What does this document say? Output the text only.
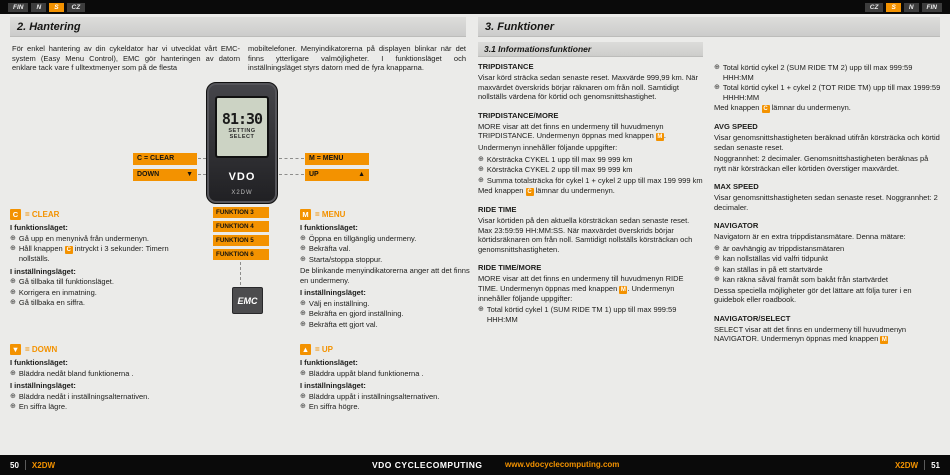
FIN	N	S	CZ	CZ	S	N	FIN
2. Hantering	3. Funktioner
3.1 Informationsfunktioner
För enkel hantering av din cykeldator har vi utvecklat vårt EMC-system (Easy Menu Control), EMC gör hanteringen av datorn enklare tack vare f ulltextmenyer som på de flesta
mobiltelefoner. Menyindikatorerna på displayen blinkar när det finns ytterligare valmöjligheter. I funktionsläget och inställningsläget styrs datorn med de fyra knapparna.
81:30
SETTING
SELECT
VDO
X2DW
C = CLEAR
DOWN	▼
M = MENU
UP	▲
FUNKTION 3
FUNKTION 4
FUNKTION 5
FUNKTION 6
EMC
C = CLEAR
I funktionsläget:
⊕ Gå upp en menynivå från undermenyn.
⊕ Håll knappen C intryckt i 3 sekunder: Timern nollställs.
I inställningsläget:
⊕ Gå tillbaka till funktionsläget.
⊕ Korrigera en inmatning.
⊕ Gå tillbaka en siffra.
▼ = DOWN
I funktionsläget:
⊕ Bläddra nedåt bland funktionerna .
I inställningsläget:
⊕ Bläddra nedåt i inställningsalternativen.
⊕ En siffra lägre.
M = MENU
I funktionsläget:
⊕ Öppna en tillgänglig undermeny.
⊕ Bekräfta val.
⊕ Starta/stoppa stoppur.
De blinkande menyindikatorerna anger att det finns en undermeny.
I inställningsläget:
⊕ Välj en inställning.
⊕ Bekräfta en gjord inställning.
⊕ Bekräfta ett gjort val.
▲ = UP
I funktionsläget:
⊕ Bläddra uppåt bland funktionerna .
I inställningsläget:
⊕ Bläddra uppåt i inställningsalternativen.
⊕ En siffra högre.
TRIPDISTANCE
Visar körd sträcka sedan senaste reset. Maxvärde 999,99 km. När maxvärdet överskrids börjar räknaren om från noll. Samtidigt nollställs värdena för körtid och genomsnittshastighet.
TRIPDISTANCE/MORE
MORE visar att det finns en undermeny till huvudmenyn TRIPDISTANCE. Undermenyn öppnas med knappen M .
Undermenyn innehåller följande uppgifter:
⊕ Körsträcka CYKEL 1 upp till max 99 999 km
⊕ Körsträcka CYKEL 2 upp till max 99 999 km
⊕ Summa totalsträcka för cykel 1 + cykel 2 upp till max 199 999 km
Med knappen C lämnar du undermenyn.
RIDE TIME
Visar körtiden på den aktuella körsträckan sedan senaste reset. Max 23:59:59 HH:MM:SS. När maxvärdet överskrids börjar körtidsräknaren om från noll. Samtidigt nollställs körsträckan och genomsnittshastigheten.
RIDE TIME/MORE
MORE visar att det finns en undermeny till huvudmenyn RIDE TIME. Undermenyn öppnas med knappen M . Undermenyn innehåller följande uppgifter:
⊕ Total körtid cykel 1 (SUM RIDE TM 1) upp till max 999:59 HHH:MM
⊕ Total körtid cykel 2 (SUM RIDE TM 2) upp till max 999:59 HHH:MM
⊕ Total körtid cykel 1 + cykel 2 (TOT RIDE TM) upp till max 1999:59 HHHH:MM
Med knappen C lämnar du undermenyn.
AVG SPEED
Visar genomsnittshastigheten beräknad utifrån körsträcka och körtid sedan senaste reset.
Noggrannhet: 2 decimaler. Genomsnittshastigheten beräknas på nytt när körsträckan eller körtiden överstiger maxvärdet.
MAX SPEED
Visar genomsnittshastigheten sedan senaste reset. Noggrannhet: 2 decimaler.
NAVIGATOR
Navigatorn är en extra trippdistansmätare. Denna mätare:
⊕ är oavhängig av trippdistansmätaren
⊕ kan nollställas vid valfri tidpunkt
⊕ kan ställas in på ett startvärde
⊕ kan räkna såväl framåt som bakåt från startvärdet
Dessa speciella möjligheter gör det lättare att följa turer i en guidebok eller roadbook.
NAVIGATOR/SELECT
SELECT visar att det finns en undermeny till huvudmenyn NAVIGATOR. Undermenyn öppnas med knappen M
50 X2DW	VDO CYCLECOMPUTING	www.vdocyclecomputing.com	X2DW 51
